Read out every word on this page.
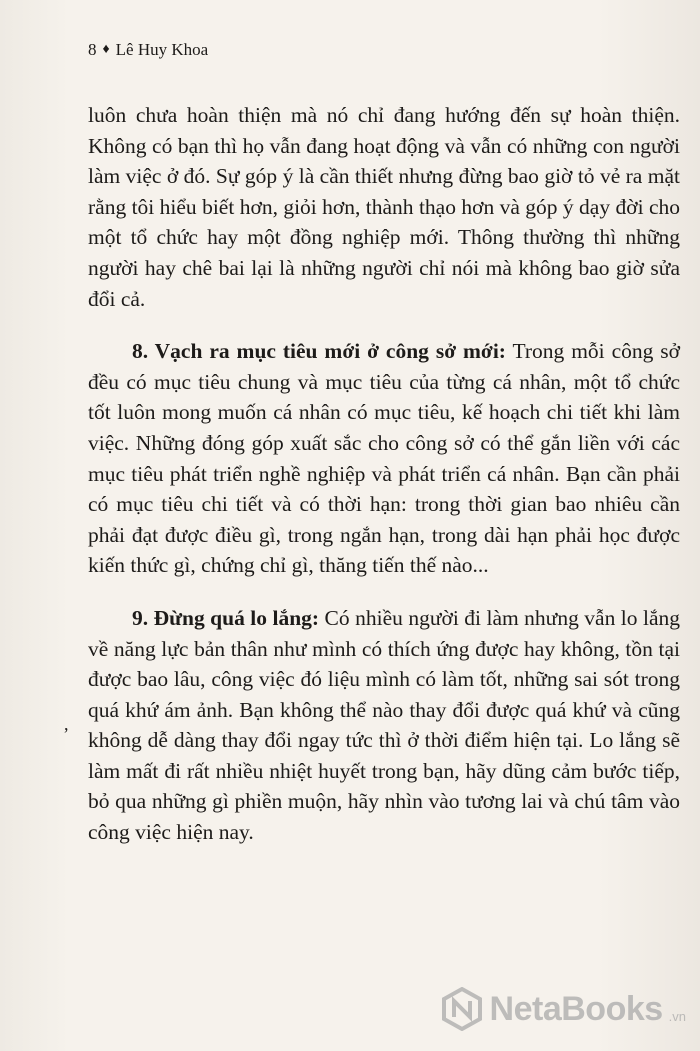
8 ♦ Lê Huy Khoa

luôn chưa hoàn thiện mà nó chỉ đang hướng đến sự hoàn thiện. Không có bạn thì họ vẫn đang hoạt động và vẫn có những con người làm việc ở đó. Sự góp ý là cần thiết nhưng đừng bao giờ tỏ vẻ ra mặt rằng tôi hiểu biết hơn, giỏi hơn, thành thạo hơn và góp ý dạy đời cho một tổ chức hay một đồng nghiệp mới. Thông thường thì những người hay chê bai lại là những người chỉ nói mà không bao giờ sửa đổi cả.

8. Vạch ra mục tiêu mới ở công sở mới: Trong mỗi công sở đều có mục tiêu chung và mục tiêu của từng cá nhân, một tổ chức tốt luôn mong muốn cá nhân có mục tiêu, kế hoạch chi tiết khi làm việc. Những đóng góp xuất sắc cho công sở có thể gắn liền với các mục tiêu phát triển nghề nghiệp và phát triển cá nhân. Bạn cần phải có mục tiêu chi tiết và có thời hạn: trong thời gian bao nhiêu cần phải đạt được điều gì, trong ngắn hạn, trong dài hạn phải học được kiến thức gì, chứng chỉ gì, thăng tiến thế nào...

9. Đừng quá lo lắng: Có nhiều người đi làm nhưng vẫn lo lắng về năng lực bản thân như mình có thích ứng được hay không, tồn tại được bao lâu, công việc đó liệu mình có làm tốt, những sai sót trong quá khứ ám ảnh. Bạn không thể nào thay đổi được quá khứ và cũng không dễ dàng thay đổi ngay tức thì ở thời điểm hiện tại. Lo lắng sẽ làm mất đi rất nhiều nhiệt huyết trong bạn, hãy dũng cảm bước tiếp, bỏ qua những gì phiền muộn, hãy nhìn vào tương lai và chú tâm vào công việc hiện nay.

,
NetaBooks .vn
